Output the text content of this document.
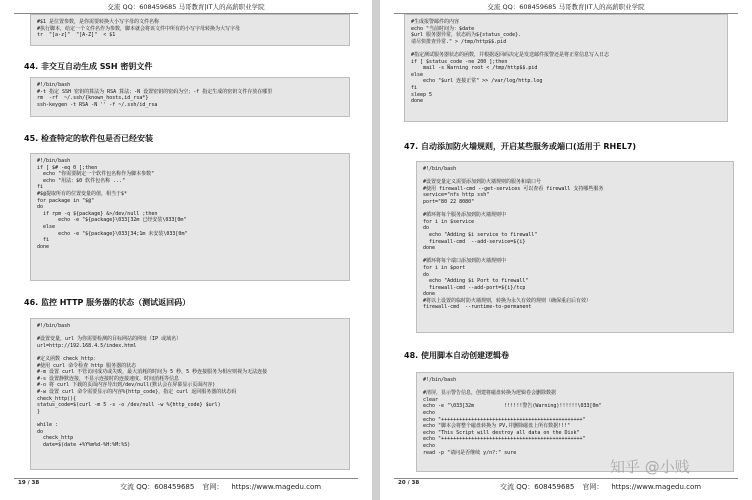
交流 QQ：608459685 马哥教育|IT人的高薪职业学院
#$1 是位置参数，是你需要转换大小写字母的文件名称
#执行脚本，给定一个文件名作为参数，脚本就会将该文件中所有的小写字母转换为大写字母
tr  "[a-z]"  "[A-Z]"  < $1
44. 非交互自动生成 SSH 密钥文件
#!/bin/bash
#-t 指定 SSH 密钥的算法为 RSA 算法；-N 设置密钥的密码为空；-f 指定生成的密钥文件存放在哪里
rm  -rf  ~/.ssh/{known_hosts,id_rsa*}
ssh-keygen -t RSA -N '' -f ~/.ssh/id_rsa
45. 检查特定的软件包是否已经安装
#!/bin/bash
if [ $# -eq 0 ];then
echo "你需要制定一个软件包名称作为脚本参数"
echo "用法：$0 软件包名称 ..."
fi
#$@提取所有的位置变量的值，相当于$*
for package in "$@"
do
if rpm -q ${package} &>/dev/null ;then
echo -e "${package}\033[32m 已经安装\033[0m"
else
echo -e "${package}\033[34;1m 未安装\033[0m"
fi
done
46. 监控 HTTP 服务器的状态（测试返回码）
#!/bin/bash
#设置变量，url 为你需要检测的目标网站的网址（IP 或域名）
url=http://192.168.4.5/index.html
#定义函数 check_http：
#使用 curl 命令检查 http 服务器的状态
#-m 设置 curl 不管访问成功或失败，最大消耗的时间为 5 秒，5 秒连接服务为相应则视为无法连接
#-s 设置静默连接，不显示连接时的连接速度、时间消耗等信息
#-o 将 curl 下载的页面内容导出到/dev/null(默认会在屏幕显示页面内容)
#-w 设置 curl 命令需要显示的内容%{http_code}，指定 curl 返回服务器的状态码
check_http(){
status_code=$(curl -m 5 -s -o /dev/null -w %{http_code} $url)
}
while :
do
check_http
date=$(date +%Y%m%d-%H:%M:%S)
19 / 38	交流 QQ：608459685 官网： https://www.magedu.com
交流 QQ：608459685 马哥教育|IT人的高薪职业学院
#生成报警邮件的内容
echo "当前时间为：$date
$url 服务器异常，状态码为${status_code}.
请尽快排查异常." > /tmp/http$$.pid
#指定测试服务器状态的函数，并根据返回码决定是发送邮件报警还是将正常信息写入日志
if [ $status_code -ne 200 ];then
mail -s Warning root < /tmp/http$$.pid
else
echo "$url 连接正常" >> /var/log/http.log
fi
sleep 5
done
47. 自动添加防火墙规则，开启某些服务或端口(适用于 RHEL7)
#!/bin/bash
#设置变量定义需要添加到防火墙规则的服务和端口号
#使用 firewall-cmd --get-services 可以查看 firewall 支持哪些服务
service="nfs http ssh"
port="80 22 8080"
#循环将每个服务添加到防火墙规则中
for i in $service
do
echo "Adding $i service to firewall"
firewall-cmd  --add-service=${i}
done
#循环将每个端口添加到防火墙规则中
for i in $port
do
echo "Adding $i Port to firewall"
firewall-cmd --add-port=${i}/tcp
done
#将以上设置的临时防火墙规则，转换为永久有效的规则（确保重启后有效）
firewall-cmd  --runtime-to-permanent
48. 使用脚本自动创建逻辑卷
#!/bin/bash
#清屏，显示警告信息，创建将磁盘转换为逻辑卷会删除数据
clear
echo -e "\033[32m          !!!!!!警告(Warning)!!!!!!\033[0m"
echo
echo "+++++++++++++++++++++++++++++++++++++++++++++++"
echo "脚本会将整个磁盘转换为 PV,并删除磁盘上所有数据!!!"
echo "This Script will destroy all data on the Disk"
echo "+++++++++++++++++++++++++++++++++++++++++++++++"
echo
read -p "请问是否继续 y/n?:" sure
20 / 38	交流 QQ：608459685 官网： https://www.magedu.com
知乎 @小贱
